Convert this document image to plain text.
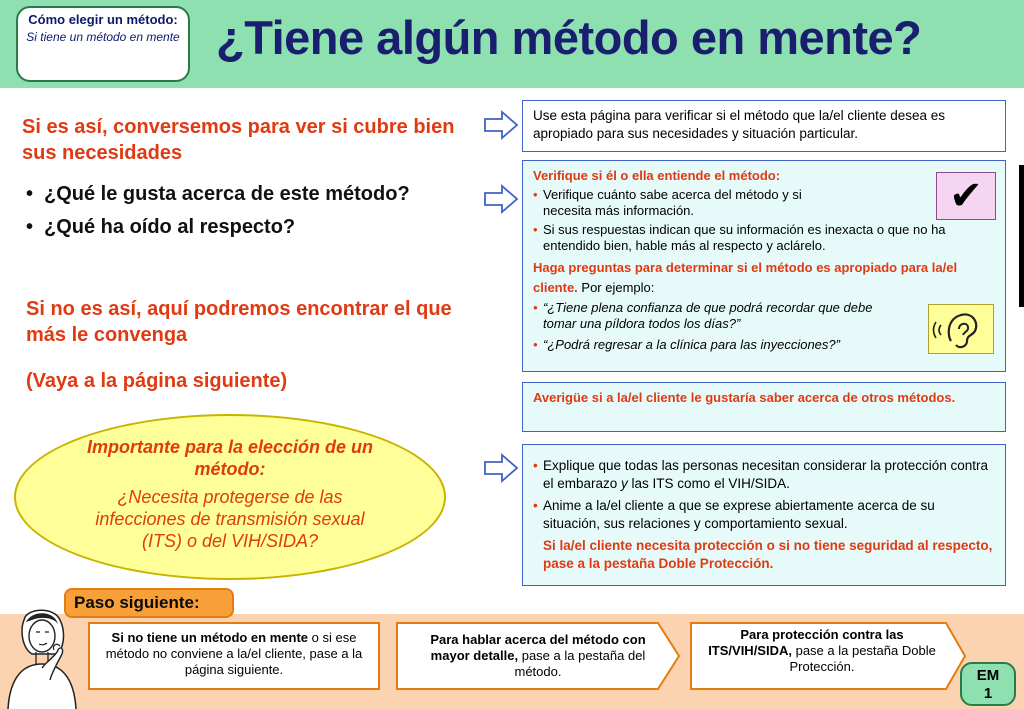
Cómo elegir un método:
Si tiene un método en mente ¿Tiene algún método en mente?
Si es así, conversemos para ver si cubre bien sus necesidades
• ¿Qué le gusta acerca de este método?
• ¿Qué ha oído al respecto?
Si no es así, aquí podremos encontrar el que más le convenga
(Vaya a la página siguiente)
Use esta página para verificar si el método que la/el cliente desea es apropiado para sus necesidades y situación particular.
Verifique si él o ella entiende el método:
• Verifique cuánto sabe acerca del método y si necesita más información.
• Si sus respuestas indican que su información es inexacta o que no ha entendido bien, hable más al respecto y aclárelo.
Haga preguntas para determinar si el método es apropiado para la/el cliente. Por ejemplo:
• “¿Tiene plena confianza de que podrá recordar que debe tomar una píldora todos los días?”
• “¿Podrá regresar a la clínica para las inyecciones?”
✔
Averigüe si a la/el cliente le gustaría saber acerca de otros métodos.
• Explique que todas las personas necesitan considerar la protección contra el embarazo y las ITS como el VIH/SIDA.
• Anime a la/el cliente a que se exprese abiertamente acerca de su situación, sus relaciones y comportamiento sexual.
Si la/el cliente necesita protección o si no tiene seguridad al respecto, pase a la pestaña Doble Protección.
Importante para la elección de un método:
¿Necesita protegerse de las infecciones de transmisión sexual (ITS) o del VIH/SIDA?
Paso siguiente:
Si no tiene un método en mente o si ese método no conviene a la/el cliente, pase a la página siguiente.
Para hablar acerca del método con mayor detalle, pase a la pestaña del método.
Para protección contra las ITS/VIH/SIDA, pase a la pestaña Doble Protección.
EM
1
